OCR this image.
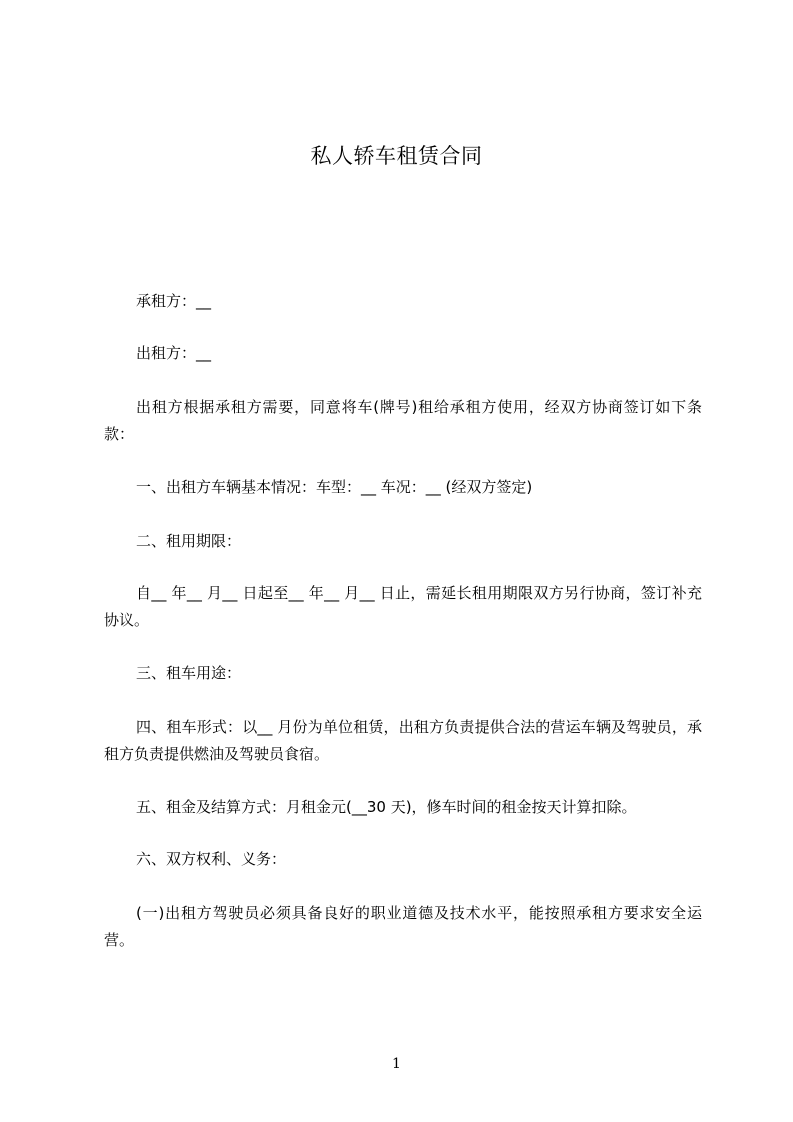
私人轿车租赁合同

承租方：__

出租方：__

出租方根据承租方需要，同意将车(牌号)租给承租方使用，经双方协商签订如下条款：

一、出租方车辆基本情况：车型：__ 车况：__ (经双方签定)

二、租用期限：

自__ 年__ 月__ 日起至__ 年__ 月__ 日止，需延长租用期限双方另行协商，签订补充协议。

三、租车用途：

四、租车形式：以__ 月份为单位租赁，出租方负责提供合法的营运车辆及驾驶员，承租方负责提供燃油及驾驶员食宿。

五、租金及结算方式：月租金元(__30 天)，修车时间的租金按天计算扣除。

六、双方权利、义务：

(一)出租方驾驶员必须具备良好的职业道德及技术水平，能按照承租方要求安全运营。

1
